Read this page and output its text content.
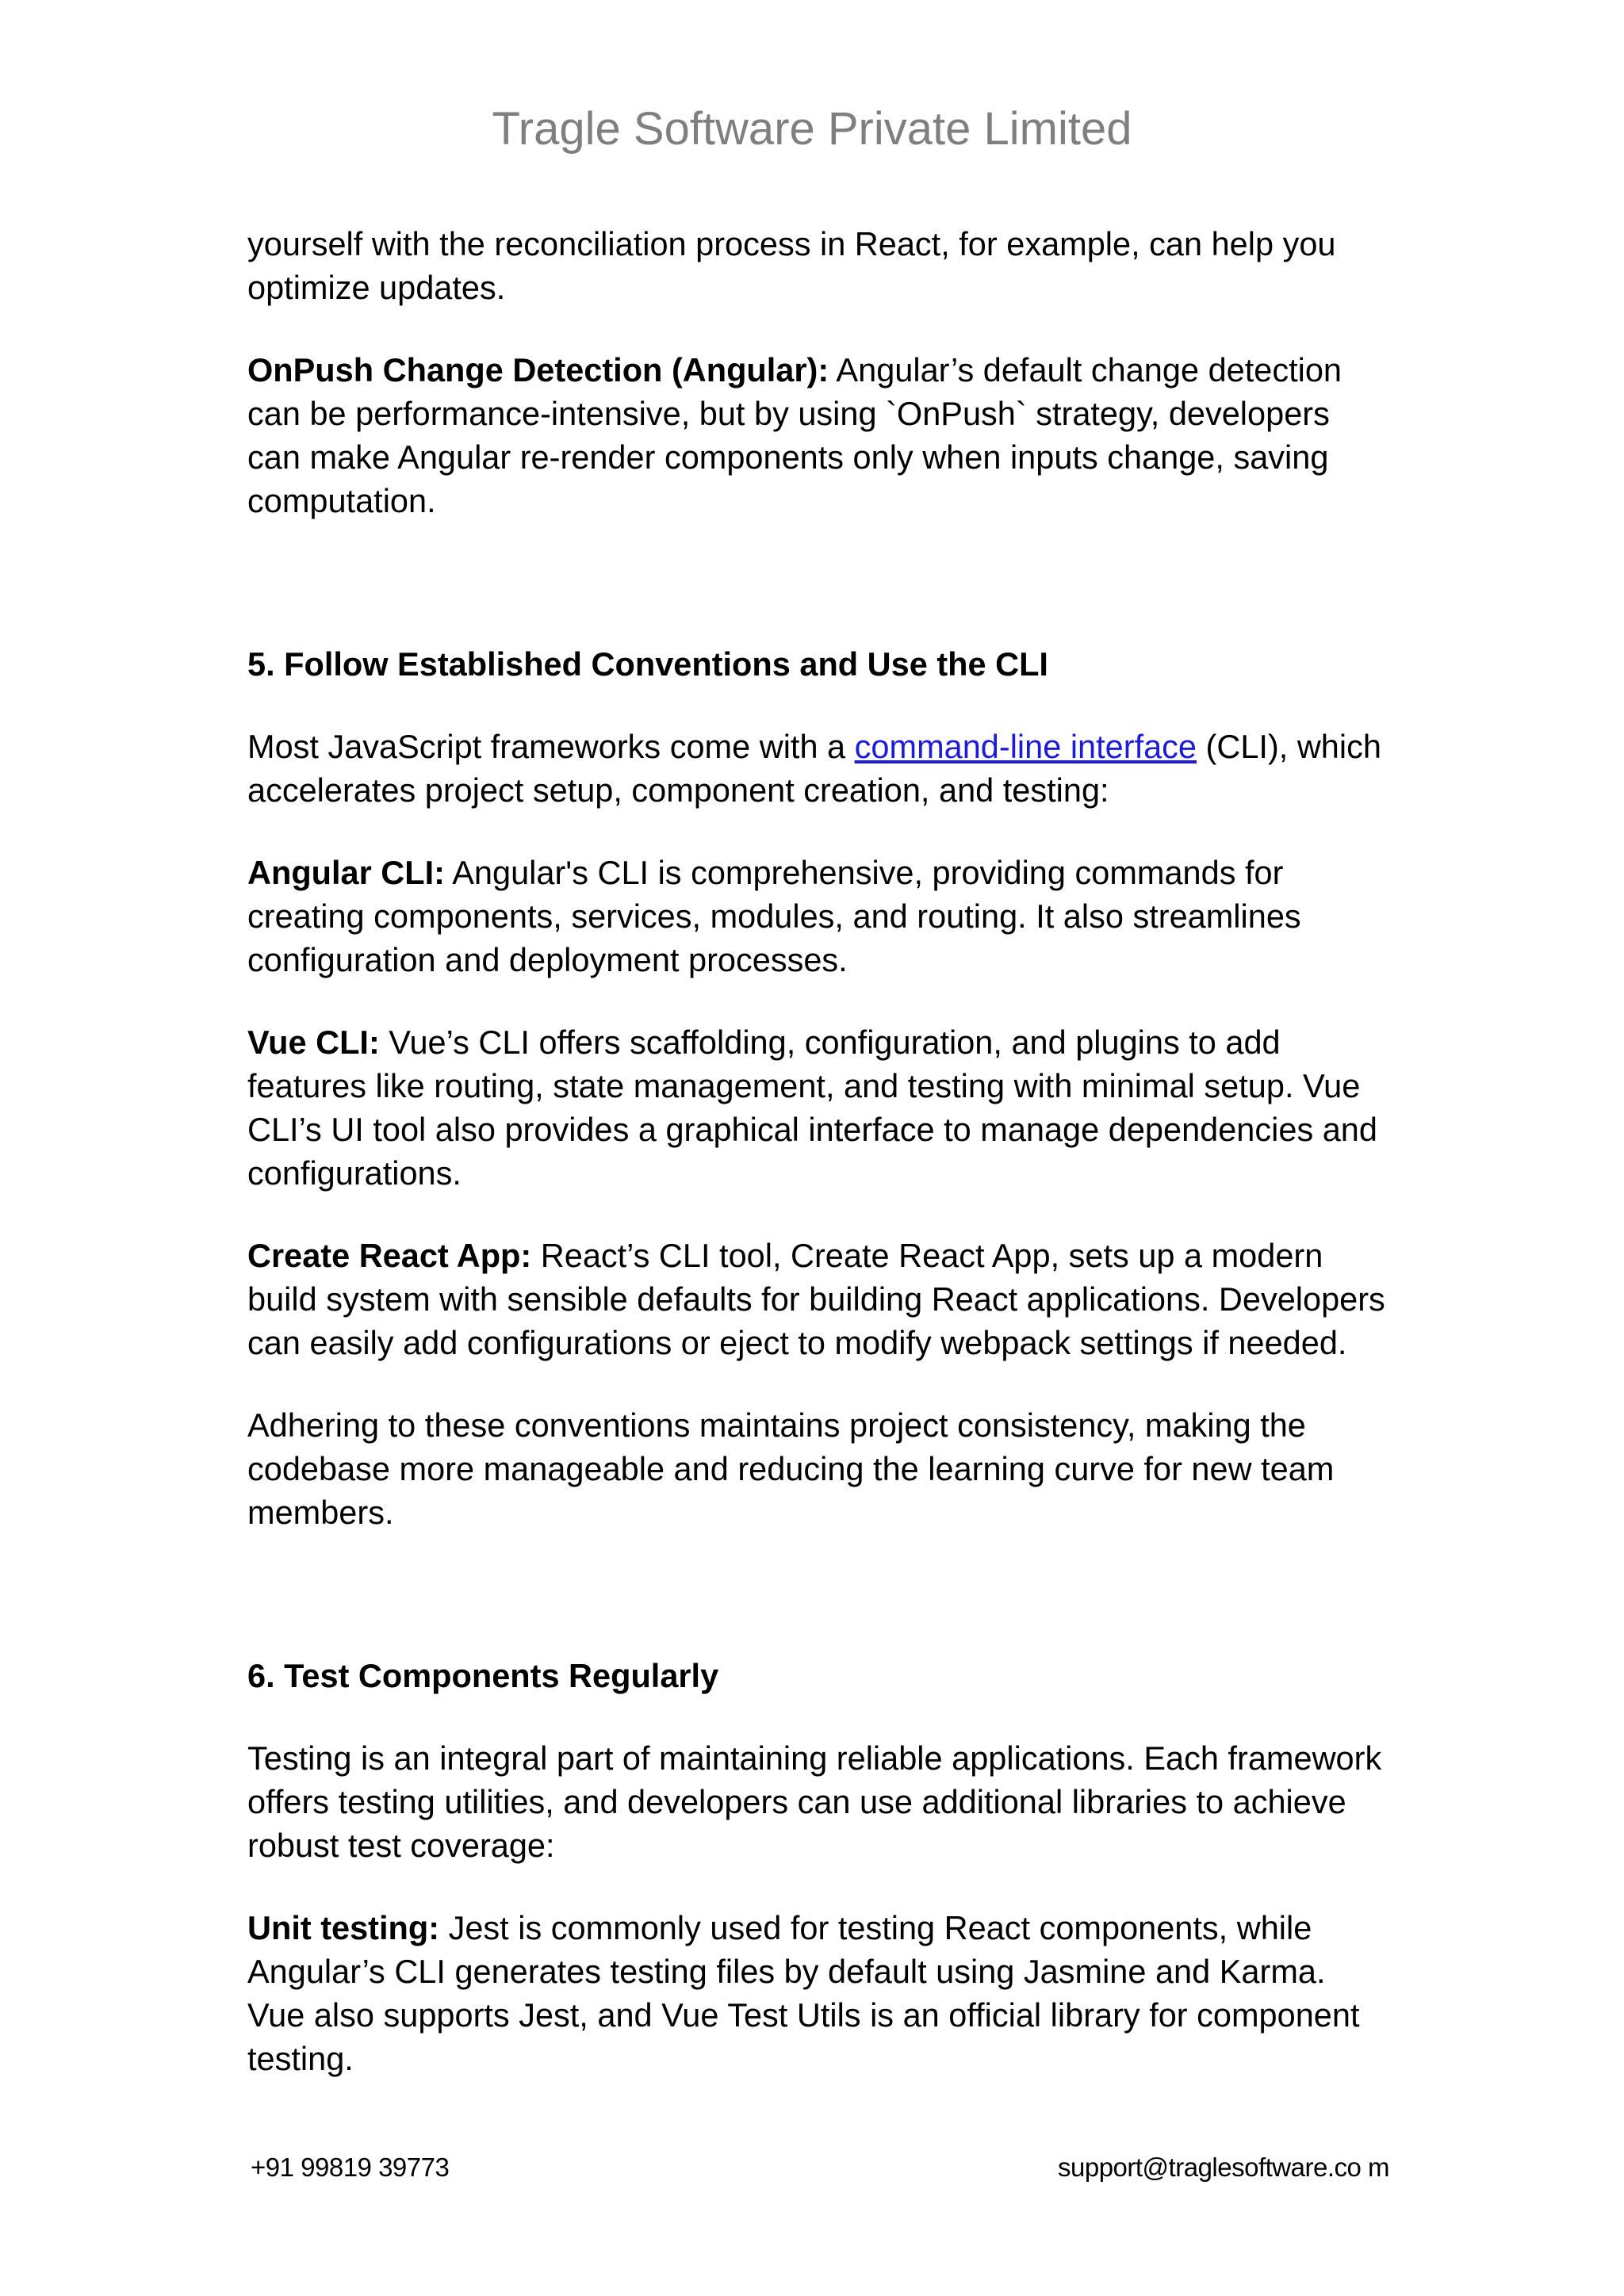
Tragle Software Private Limited

yourself with the reconciliation process in React, for example, can help you optimize updates.

OnPush Change Detection (Angular): Angular’s default change detection can be performance-intensive, but by using `OnPush` strategy, developers can make Angular re-render components only when inputs change, saving computation.

5. Follow Established Conventions and Use the CLI

Most JavaScript frameworks come with a command-line interface (CLI), which accelerates project setup, component creation, and testing:

Angular CLI: Angular's CLI is comprehensive, providing commands for creating components, services, modules, and routing. It also streamlines configuration and deployment processes.

Vue CLI: Vue’s CLI offers scaffolding, configuration, and plugins to add features like routing, state management, and testing with minimal setup. Vue CLI’s UI tool also provides a graphical interface to manage dependencies and configurations.

Create React App: React’s CLI tool, Create React App, sets up a modern build system with sensible defaults for building React applications. Developers can easily add configurations or eject to modify webpack settings if needed.

Adhering to these conventions maintains project consistency, making the codebase more manageable and reducing the learning curve for new team members.

6. Test Components Regularly

Testing is an integral part of maintaining reliable applications. Each framework offers testing utilities, and developers can use additional libraries to achieve robust test coverage:

Unit testing: Jest is commonly used for testing React components, while Angular’s CLI generates testing files by default using Jasmine and Karma. Vue also supports Jest, and Vue Test Utils is an official library for component testing.

+91 99819 39773	support@traglesoftware.co m
